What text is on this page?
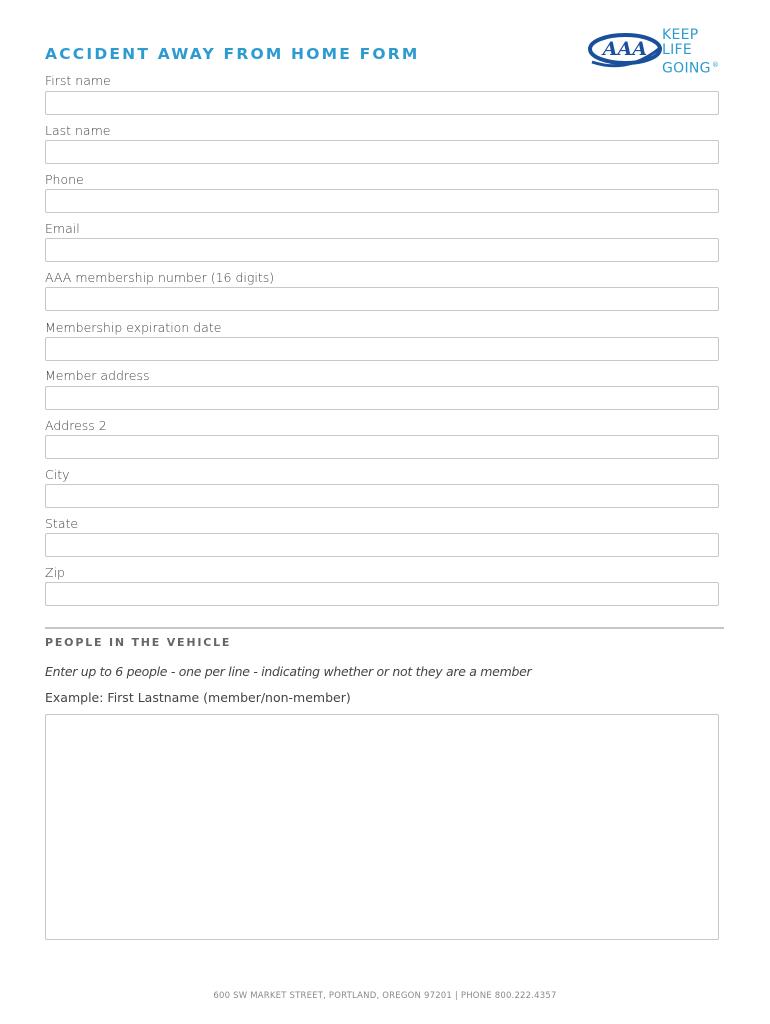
ACCIDENT AWAY FROM HOME FORM	AAA
KEEP
LIFE
GOING®
First name
Last name
Phone
Email
AAA membership number (16 digits)
Membership expiration date
Member address
Address 2
City
State
Zip
PEOPLE IN THE VEHICLE
Enter up to 6 people - one per line - indicating whether or not they are a member
Example: First Lastname (member/non-member)
600 SW MARKET STREET, PORTLAND, OREGON 97201 | PHONE 800.222.4357
